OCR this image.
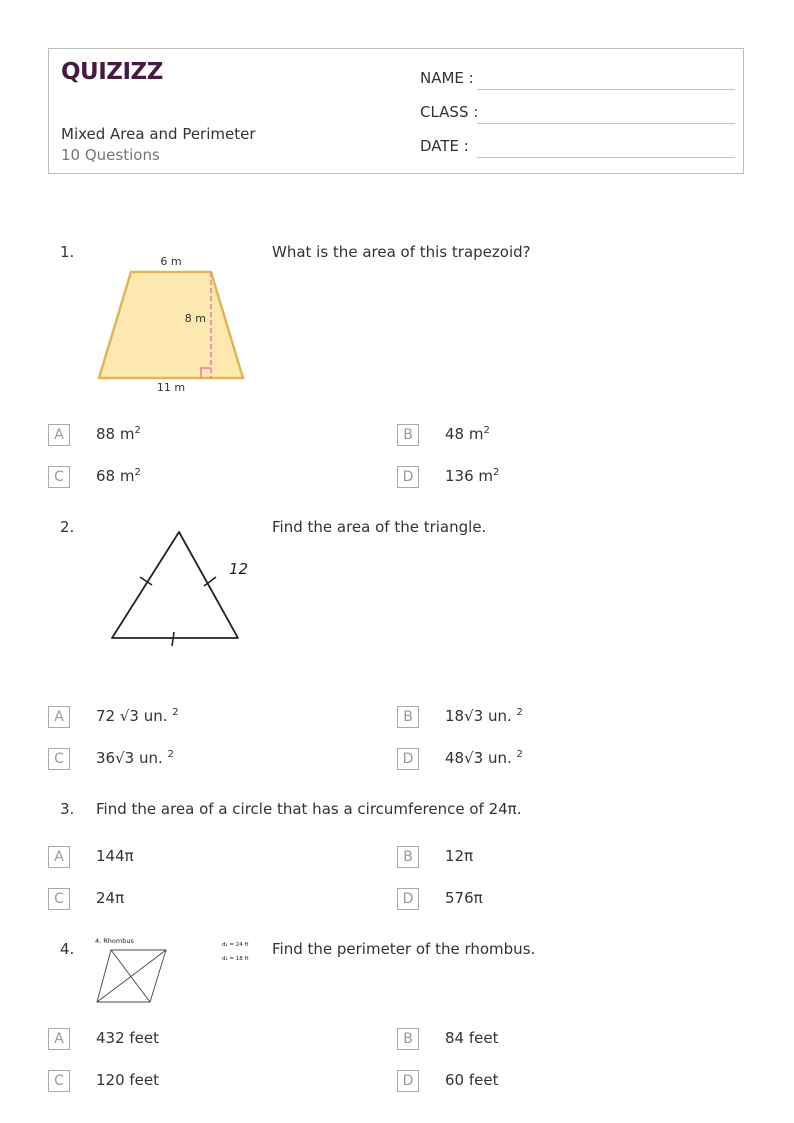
QUIZIZZ
Mixed Area and Perimeter
10 Questions
NAME :
CLASS :
DATE :
1.
6 m
8 m
11 m
What is the area of this trapezoid?
A	88 $m^2$	B	48 $m^2$
C	68 $m^2$	D	136 $m^2$
2.
12
Find the area of the triangle.
A	72 √3 un. $^2$	B	18√3 un. $^2$
C	36√3 un. $^2$	D	48√3 un. $^2$
3. Find the area of a circle that has a circumference of 24π.
A	144π	B	12π
C	24π	D	576π
4.	4. Rhombus	d₁ = 24 ft
d₂ = 18 ft
Find the perimeter of the rhombus.
A	432 feet	B	84 feet
C	120 feet	D	60 feet
